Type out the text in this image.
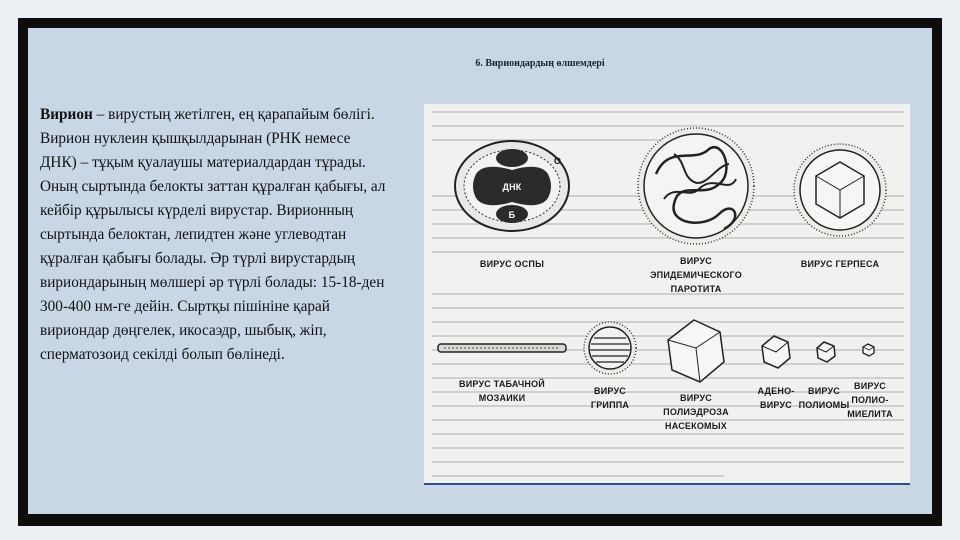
6. Вириондардың өлшемдері
Вирион – вирустың жетілген, ең қарапайым бөлігі. Вирион нуклеин қышқылдарынан (РНК немесе ДНК) – тұқым қуалаушы материалдардан тұрады. Оның сыртында белокты заттан құралған қабығы, ал кейбір құрылысы күрделі вирустар. Вирионның сыртында белоктан, лепидтен және углеводтан құралған қабығы болады. Әр түрлі вирустардың вириондарының мөлшері әр түрлі болады: 15-18-ден 300-400 нм-ге дейін. Сыртқы пішініне қарай вириондар дөңгелек, икосаэдр, шыбық, жіп, сперматозоид секілді болып бөлінеді.
ДНК
О
Б
ВИРУС ОСПЫ	ВИРУС
ЭПИДЕМИЧЕСКОГО
ПАРОТИТА
ВИРУС ГЕРПЕСА
ВИРУС ТАБАЧНОЙ
МОЗАИКИ
ВИРУС
ГРИППА
ВИРУС
ПОЛИЭДРОЗА
НАСЕКОМЫХ
АДЕНО-
ВИРУС
ВИРУС
ПОЛИОМЫ
ВИРУС
ПОЛИО-
МИЕЛИТА
